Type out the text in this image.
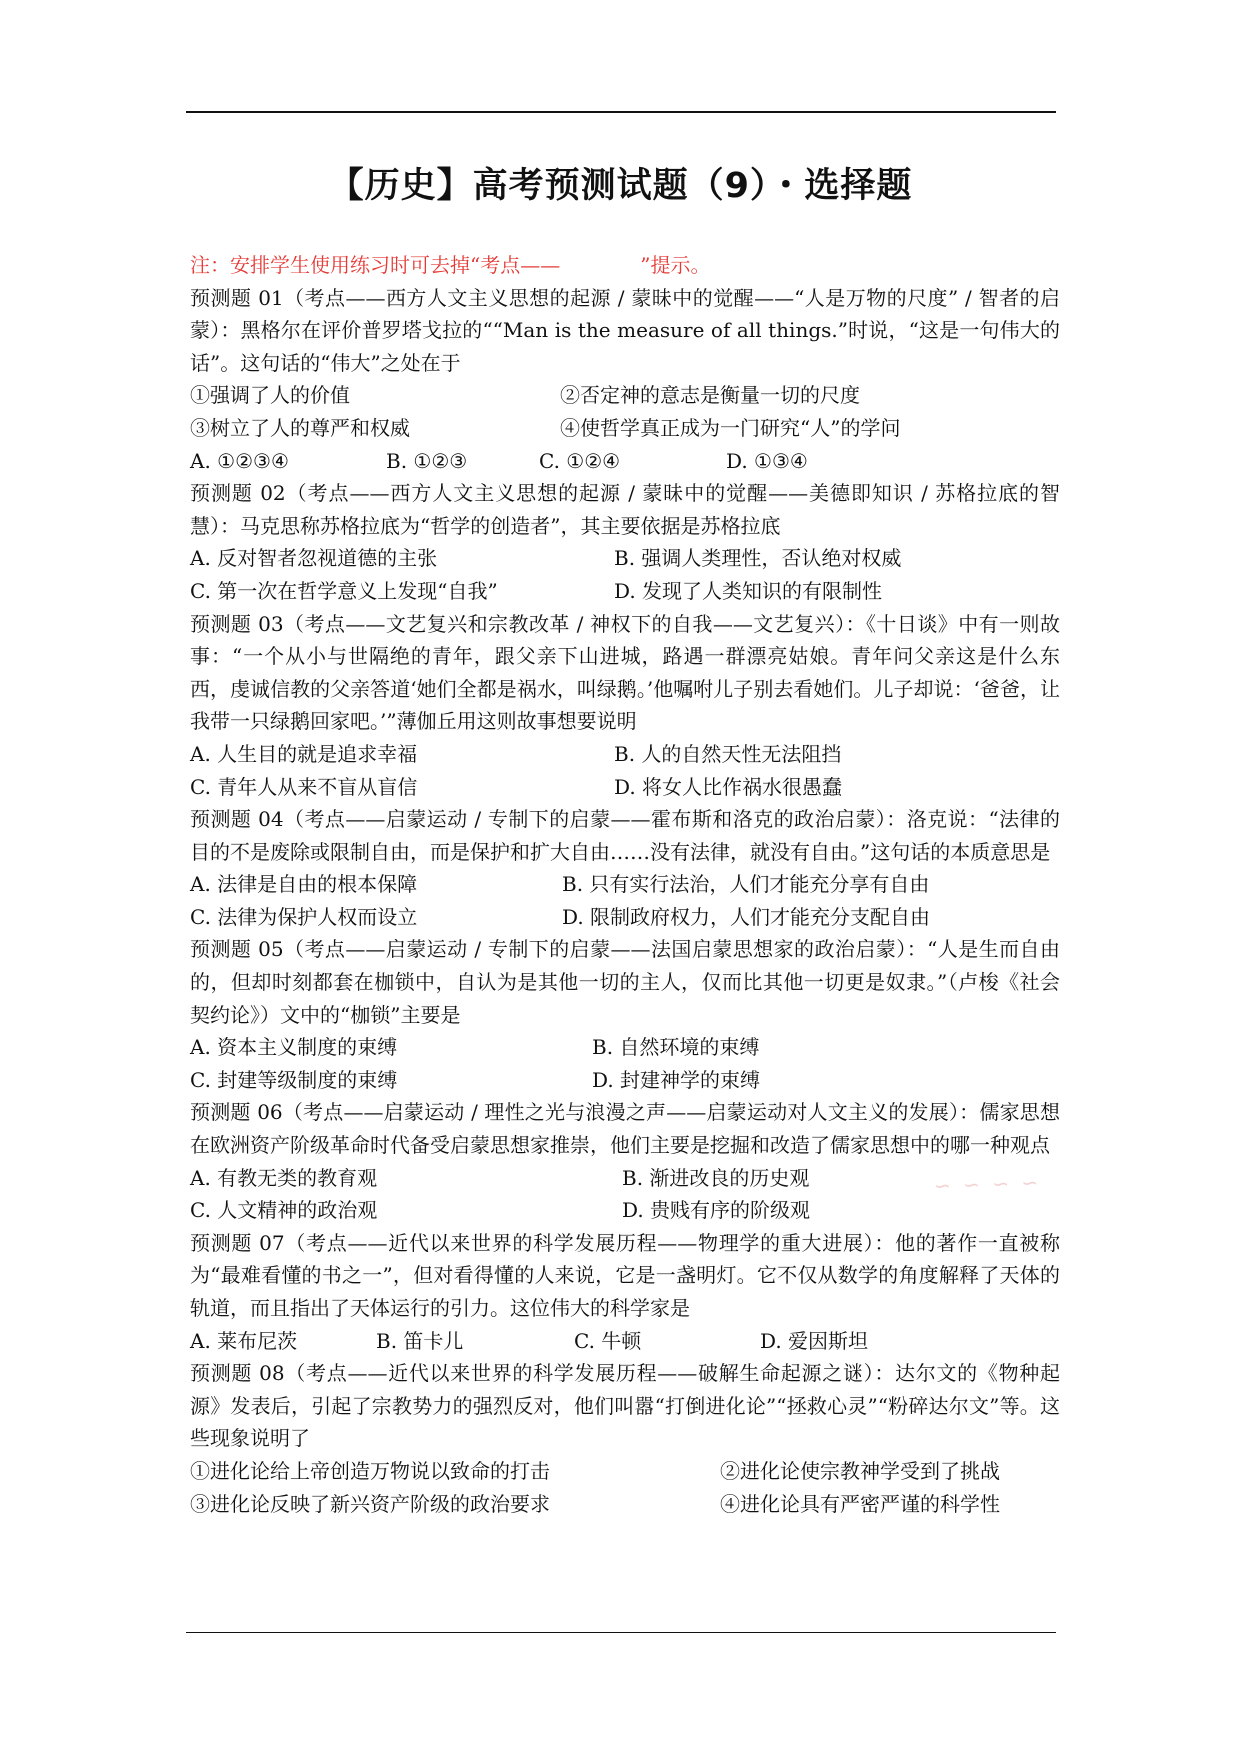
【历史】高考预测试题（9）・选择题
注：安排学生使用练习时可去掉“考点——	”提示。
预测题 01（考点——西方人文主义思想的起源 / 蒙昧中的觉醒——“人是万物的尺度” / 智者的启蒙）：黑格尔在评价普罗塔戈拉的““Man is the measure of all things.”时说，“这是一句伟大的话”。这句话的“伟大”之处在于
①强调了人的价值	②否定神的意志是衡量一切的尺度
③树立了人的尊严和权威	④使哲学真正成为一门研究“人”的学问
A. ①②③④	B. ①②③	C. ①②④	D. ①③④
预测题 02（考点——西方人文主义思想的起源 / 蒙昧中的觉醒——美德即知识 / 苏格拉底的智慧）：马克思称苏格拉底为“哲学的创造者”，其主要依据是苏格拉底
A. 反对智者忽视道德的主张	B. 强调人类理性，否认绝对权威
C. 第一次在哲学意义上发现“自我”	D. 发现了人类知识的有限制性
预测题 03（考点——文艺复兴和宗教改革 / 神权下的自我——文艺复兴）：《十日谈》中有一则故事：“一个从小与世隔绝的青年，跟父亲下山进城，路遇一群漂亮姑娘。青年问父亲这是什么东西，虔诚信教的父亲答道‘她们全都是祸水，叫绿鹅。’他嘱咐儿子别去看她们。儿子却说：‘爸爸，让我带一只绿鹅回家吧。’”薄伽丘用这则故事想要说明
A. 人生目的就是追求幸福	B. 人的自然天性无法阻挡
C. 青年人从来不盲从盲信	D. 将女人比作祸水很愚蠢
预测题 04（考点——启蒙运动 / 专制下的启蒙——霍布斯和洛克的政治启蒙）：洛克说：“法律的目的不是废除或限制自由，而是保护和扩大自由……没有法律，就没有自由。”这句话的本质意思是
A. 法律是自由的根本保障	B. 只有实行法治，人们才能充分享有自由
C. 法律为保护人权而设立	D. 限制政府权力，人们才能充分支配自由
预测题 05（考点——启蒙运动 / 专制下的启蒙——法国启蒙思想家的政治启蒙）：“人是生而自由的，但却时刻都套在枷锁中，自认为是其他一切的主人，仅而比其他一切更是奴隶。”（卢梭《社会契约论》）文中的“枷锁”主要是
A. 资本主义制度的束缚	B. 自然环境的束缚
C. 封建等级制度的束缚	D. 封建神学的束缚
预测题 06（考点——启蒙运动 / 理性之光与浪漫之声——启蒙运动对人文主义的发展）：儒家思想在欧洲资产阶级革命时代备受启蒙思想家推崇，他们主要是挖掘和改造了儒家思想中的哪一种观点
A. 有教无类的教育观	B. 渐进改良的历史观
C. 人文精神的政治观	D. 贵贱有序的阶级观
预测题 07（考点——近代以来世界的科学发展历程——物理学的重大进展）：他的著作一直被称为“最难看懂的书之一”，但对看得懂的人来说，它是一盏明灯。它不仅从数学的角度解释了天体的轨道，而且指出了天体运行的引力。这位伟大的科学家是
A. 莱布尼茨	B. 笛卡儿	C. 牛顿	D. 爱因斯坦
预测题 08（考点——近代以来世界的科学发展历程——破解生命起源之谜）：达尔文的《物种起源》发表后，引起了宗教势力的强烈反对，他们叫嚣“打倒进化论”“拯救心灵”“粉碎达尔文”等。这些现象说明了
①进化论给上帝创造万物说以致命的打击	②进化论使宗教神学受到了挑战
③进化论反映了新兴资产阶级的政治要求	④进化论具有严密严谨的科学性
∽ ∽ ∽ ∽
